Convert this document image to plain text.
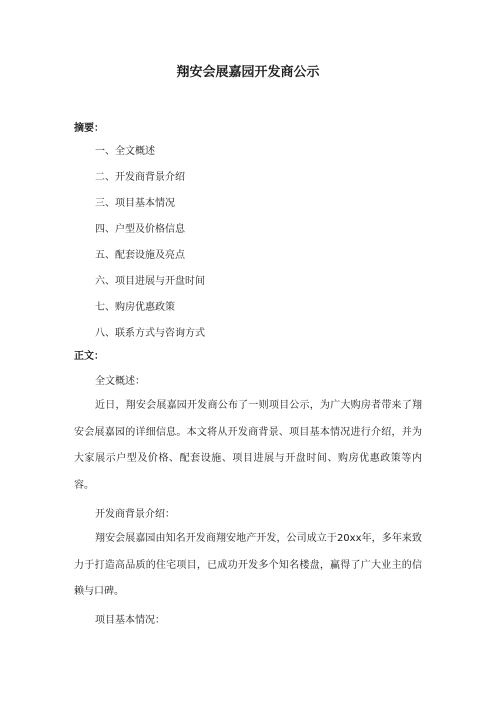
翔安会展嘉园开发商公示
摘要：
一、全文概述
二、开发商背景介绍
三、项目基本情况
四、户型及价格信息
五、配套设施及亮点
六、项目进展与开盘时间
七、购房优惠政策
八、联系方式与咨询方式
正文：
全文概述：

近日，翔安会展嘉园开发商公布了一则项目公示，为广大购房者带来了翔安会展嘉园的详细信息。本文将从开发商背景、项目基本情况进行介绍，并为大家展示户型及价格、配套设施、项目进展与开盘时间、购房优惠政策等内容。

开发商背景介绍：

翔安会展嘉园由知名开发商翔安地产开发，公司成立于20xx年，多年来致力于打造高品质的住宅项目，已成功开发多个知名楼盘，赢得了广大业主的信赖与口碑。

项目基本情况：
